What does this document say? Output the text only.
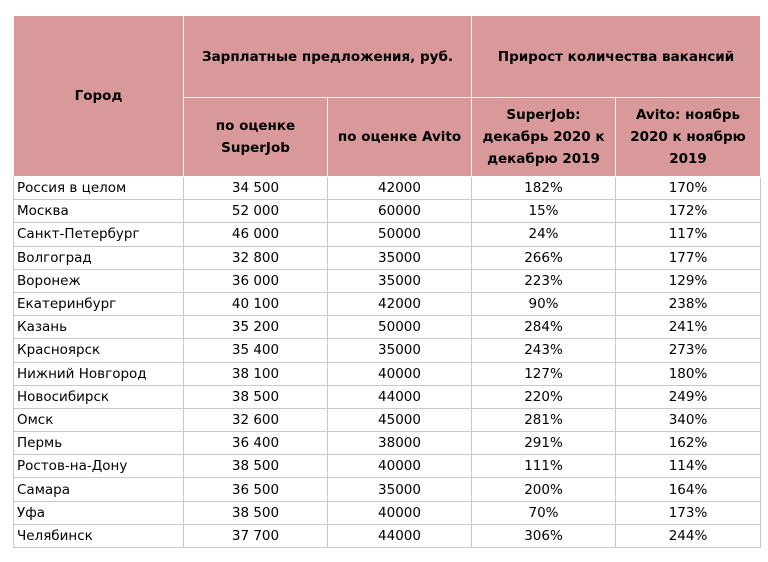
Город	Зарплатные предложения, руб.		Прирост количества вакансий	
	по оценке SuperJob	по оценке Avito	SuperJob: декабрь 2020 к декабрю 2019	Avito: ноябрь 2020 к ноябрю 2019
Россия в целом	34 500	42000	182%	170%
Москва	52 000	60000	15%	172%
Санкт-Петербург	46 000	50000	24%	117%
Волгоград	32 800	35000	266%	177%
Воронеж	36 000	35000	223%	129%
Екатеринбург	40 100	42000	90%	238%
Казань	35 200	50000	284%	241%
Красноярск	35 400	35000	243%	273%
Нижний Новгород	38 100	40000	127%	180%
Новосибирск	38 500	44000	220%	249%
Омск	32 600	45000	281%	340%
Пермь	36 400	38000	291%	162%
Ростов-на-Дону	38 500	40000	111%	114%
Самара	36 500	35000	200%	164%
Уфа	38 500	40000	70%	173%
Челябинск	37 700	44000	306%	244%
